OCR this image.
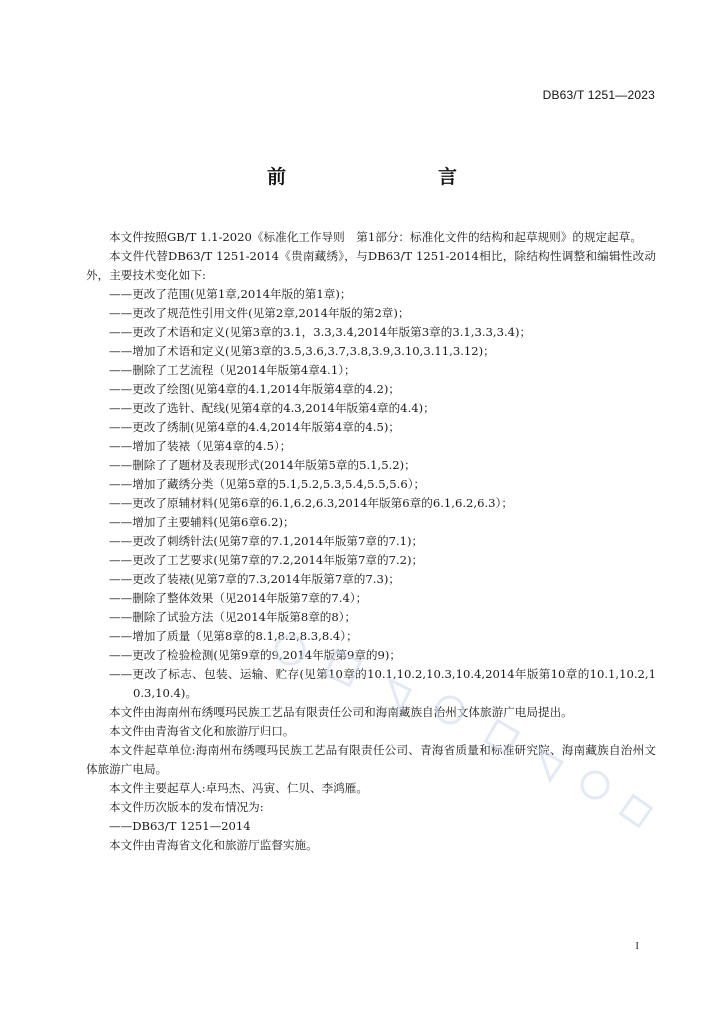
DB63/T 1251—2023
前　　言

本文件按照GB/T 1.1-2020《标准化工作导则　第1部分：标准化文件的结构和起草规则》的规定起草。

本文件代替DB63/T 1251-2014《贵南藏绣》，与DB63/T 1251-2014相比，除结构性调整和编辑性改动外，主要技术变化如下:

——更改了范围(见第1章,2014年版的第1章)；

——更改了规范性引用文件(见第2章,2014年版的第2章)；

——更改了术语和定义(见第3章的3.1，3.3,3.4,2014年版第3章的3.1,3.3,3.4)；

——增加了术语和定义(见第3章的3.5,3.6,3.7,3.8,3.9,3.10,3.11,3.12)；

——删除了工艺流程（见2014年版第4章4.1）；

——更改了绘图(见第4章的4.1,2014年版第4章的4.2)；

——更改了选针、配线(见第4章的4.3,2014年版第4章的4.4)；

——更改了绣制(见第4章的4.4,2014年版第4章的4.5)；

——增加了装裱（见第4章的4.5）；

——删除了了题材及表现形式(2014年版第5章的5.1,5.2)；

——增加了藏绣分类（见第5章的5.1,5.2,5.3,5.4,5.5,5.6）；

——更改了原辅材料(见第6章的6.1,6.2,6.3,2014年版第6章的6.1,6.2,6.3）；

——增加了主要辅料(见第6章6.2)；

——更改了刺绣针法(见第7章的7.1,2014年版第7章的7.1)；

——更改了工艺要求(见第7章的7.2,2014年版第7章的7.2)；

——更改了装裱(见第7章的7.3,2014年版第7章的7.3)；

——删除了整体效果（见2014年版第7章的7.4）；

——删除了试验方法（见2014年版第8章的8）；

——增加了质量（见第8章的8.1,8.2,8.3,8.4）；

——更改了检验检测(见第9章的9,2014年版第9章的9)；

——更改了标志、包装、运输、贮存(见第10章的10.1,10.2,10.3,10.4,2014年版第10章的10.1,10.2,10.3,10.4)。

本文件由海南州布绣嘎玛民族工艺品有限责任公司和海南藏族自治州文体旅游广电局提出。

本文件由青海省文化和旅游厅归口。

本文件起草单位:海南州布绣嘎玛民族工艺品有限责任公司、青海省质量和标准研究院、海南藏族自治州文体旅游广电局。

本文件主要起草人:卓玛杰、冯寅、仁贝、李鸿雁。

本文件历次版本的发布情况为:

——DB63/T 1251—2014

本文件由青海省文化和旅游厅监督实施。

I
